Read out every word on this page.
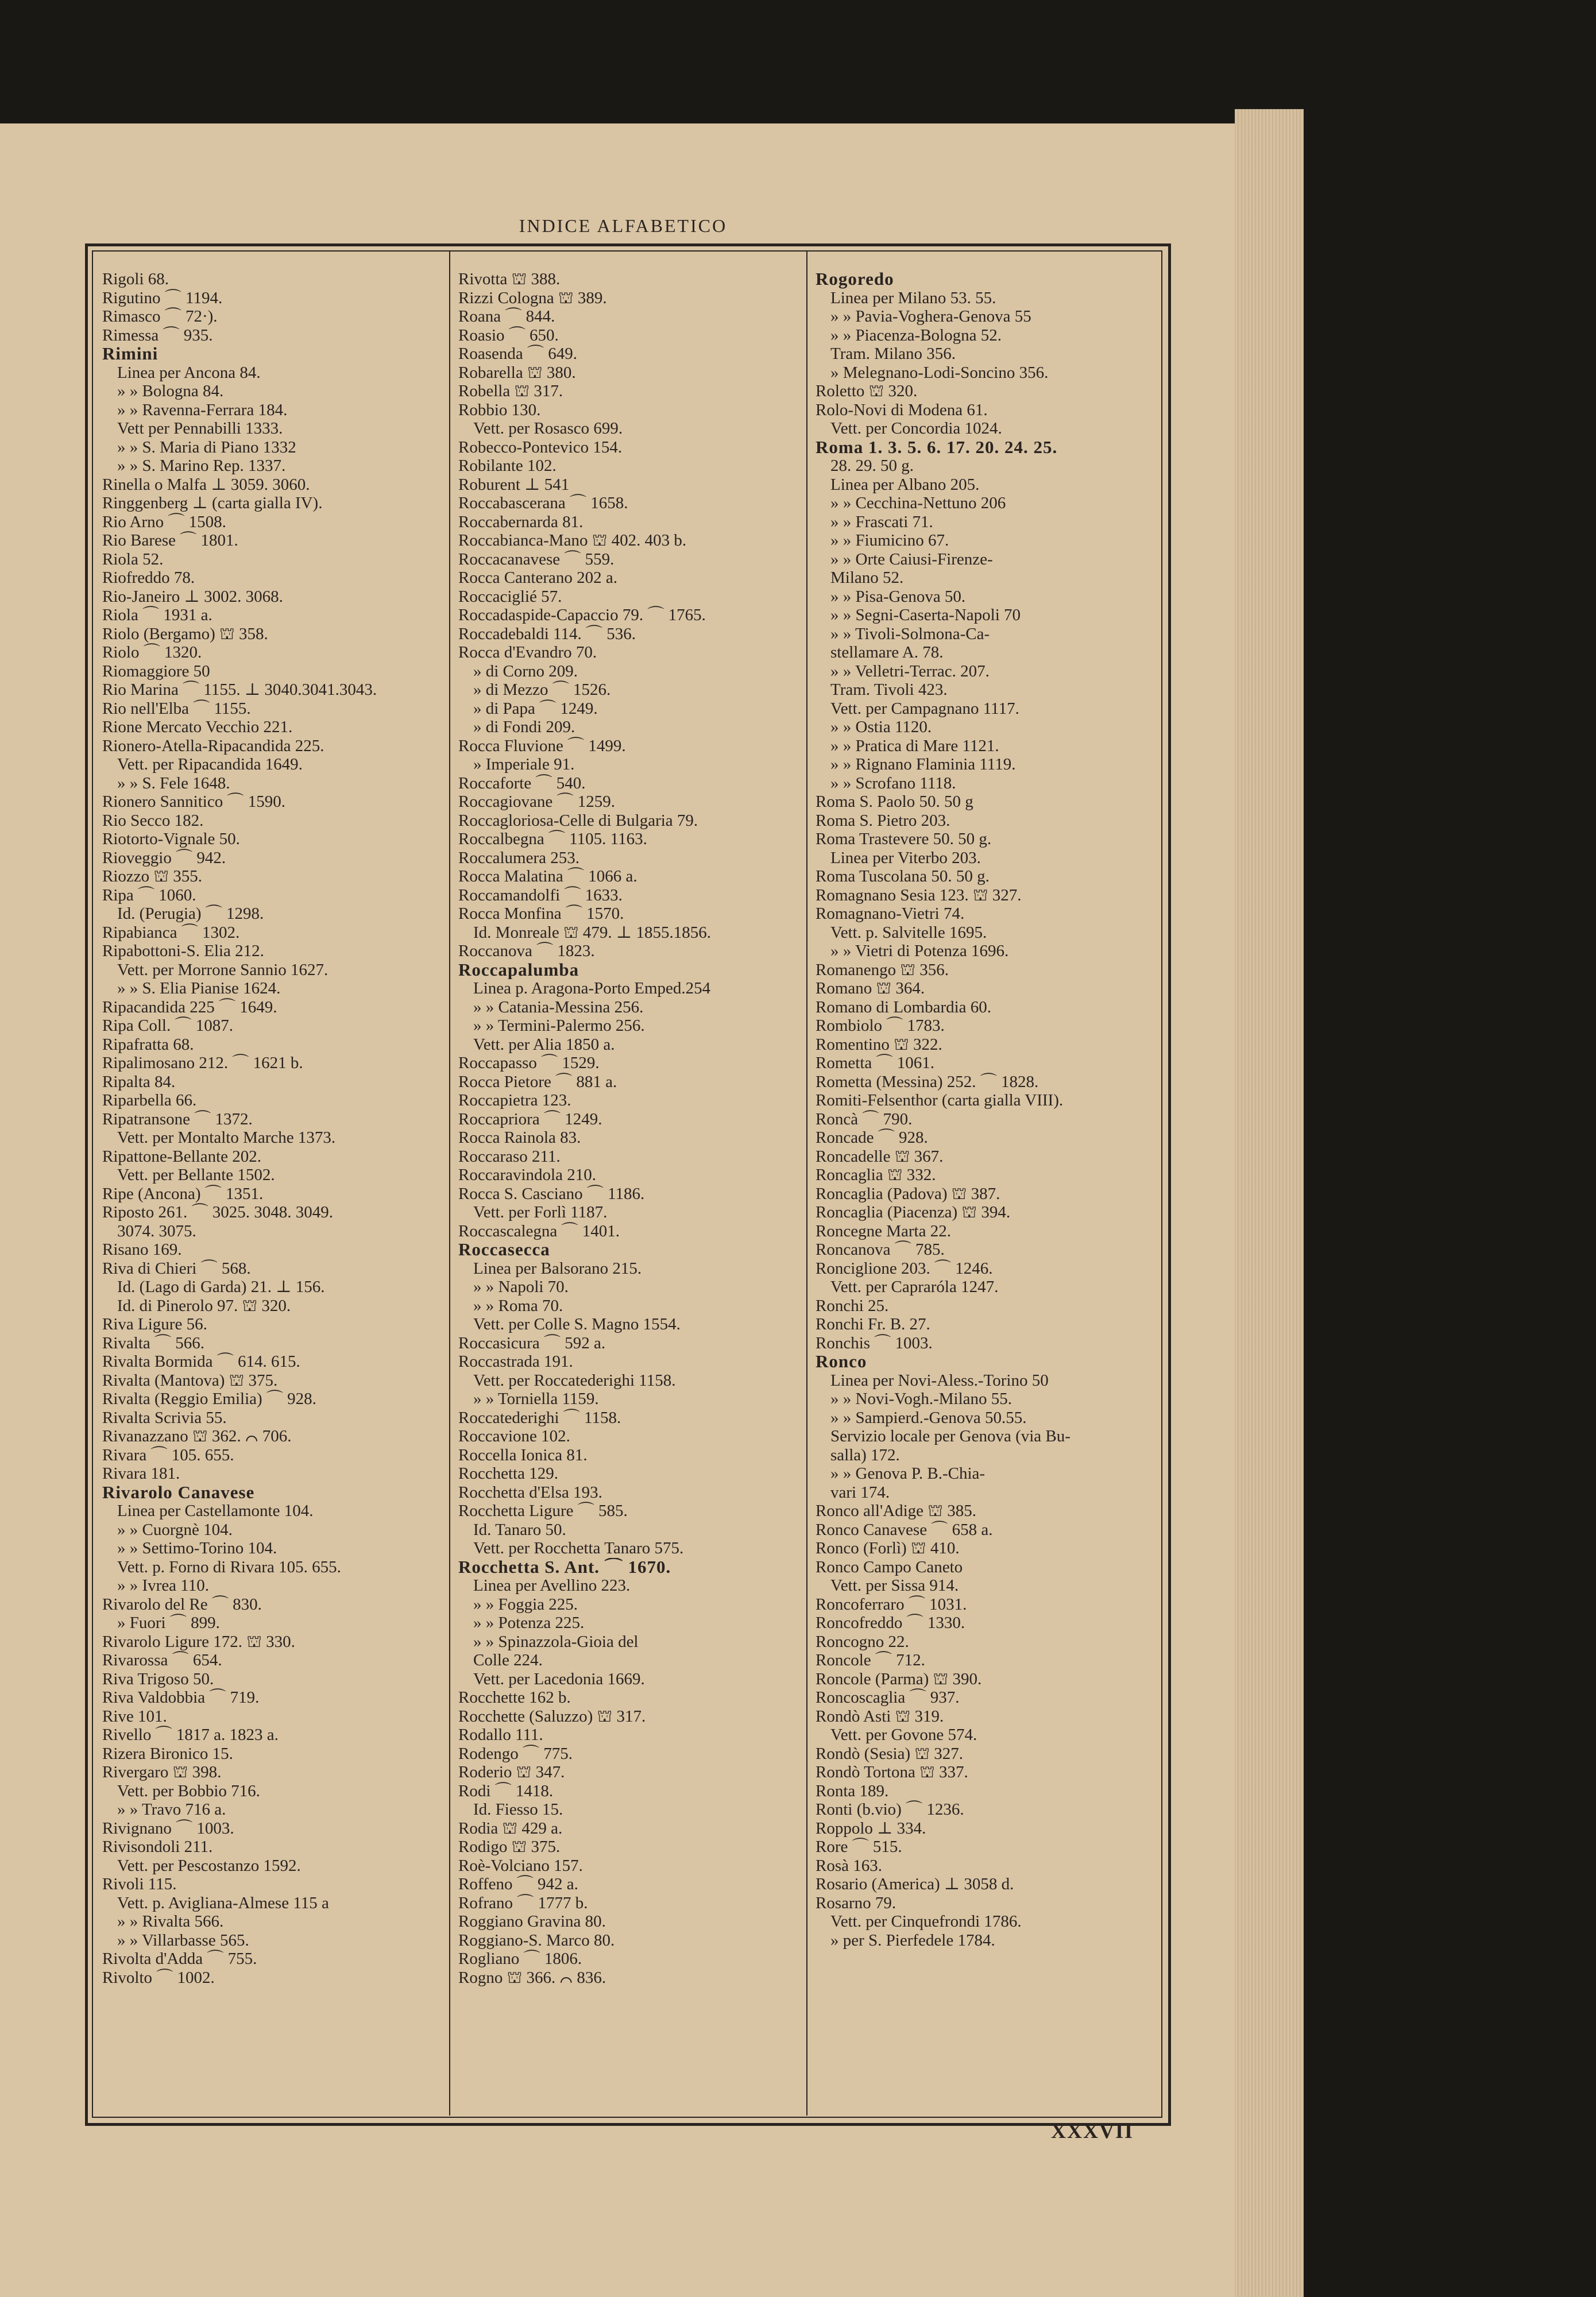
INDICE ALFABETICO
Rigoli 68.
Rigutino ⌒ 1194.
Rimasco ⌒ 72·).
Rimessa ⌒ 935.
Rimini
Linea per Ancona 84.
» » Bologna 84.
» » Ravenna-Ferrara 184.
Vett per Pennabilli 1333.
» » S. Maria di Piano 1332
» » S. Marino Rep. 1337.
Rinella o Malfa ⊥ 3059. 3060.
Ringgenberg ⊥ (carta gialla IV).
Rio Arno ⌒ 1508.
Rio Barese ⌒ 1801.
Riola 52.
Riofreddo 78.
Rio-Janeiro ⊥ 3002. 3068.
Riola ⌒ 1931 a.
Riolo (Bergamo) ⛫ 358.
Riolo ⌒ 1320.
Riomaggiore 50
Rio Marina ⌒ 1155. ⊥ 3040.3041.3043.
Rio nell'Elba ⌒ 1155.
Rione Mercato Vecchio 221.
Rionero-Atella-Ripacandida 225.
Vett. per Ripacandida 1649.
» » S. Fele 1648.
Rionero Sannitico ⌒ 1590.
Rio Secco 182.
Riotorto-Vignale 50.
Rioveggio ⌒ 942.
Riozzo ⛫ 355.
Ripa ⌒ 1060.
Id. (Perugia) ⌒ 1298.
Ripabianca ⌒ 1302.
Ripabottoni-S. Elia 212.
Vett. per Morrone Sannio 1627.
» » S. Elia Pianise 1624.
Ripacandida 225 ⌒ 1649.
Ripa Coll. ⌒ 1087.
Ripafratta 68.
Ripalimosano 212. ⌒ 1621 b.
Ripalta 84.
Riparbella 66.
Ripatransone ⌒ 1372.
Vett. per Montalto Marche 1373.
Ripattone-Bellante 202.
Vett. per Bellante 1502.
Ripe (Ancona) ⌒ 1351.
Riposto 261. ⌒ 3025. 3048. 3049.
3074. 3075.
Risano 169.
Riva di Chieri ⌒ 568.
Id. (Lago di Garda) 21. ⊥ 156.
Id. di Pinerolo 97. ⛫ 320.
Riva Ligure 56.
Rivalta ⌒ 566.
Rivalta Bormida ⌒ 614. 615.
Rivalta (Mantova) ⛫ 375.
Rivalta (Reggio Emilia) ⌒ 928.
Rivalta Scrivia 55.
Rivanazzano ⛫ 362. ⌒ 706.
Rivara ⌒ 105. 655.
Rivara 181.
Rivarolo Canavese
Linea per Castellamonte 104.
» » Cuorgnè 104.
» » Settimo-Torino 104.
Vett. p. Forno di Rivara 105. 655.
» » Ivrea 110.
Rivarolo del Re ⌒ 830.
» Fuori ⌒ 899.
Rivarolo Ligure 172. ⛫ 330.
Rivarossa ⌒ 654.
Riva Trigoso 50.
Riva Valdobbia ⌒ 719.
Rive 101.
Rivello ⌒ 1817 a. 1823 a.
Rizera Bironico 15.
Rivergaro ⛫ 398.
Vett. per Bobbio 716.
» » Travo 716 a.
Rivignano ⌒ 1003.
Rivisondoli 211.
Vett. per Pescostanzo 1592.
Rivoli 115.
Vett. p. Avigliana-Almese 115 a
» » Rivalta 566.
» » Villarbasse 565.
Rivolta d'Adda ⌒ 755.
Rivolto ⌒ 1002.
Rivotta ⛫ 388.
Rizzi Cologna ⛫ 389.
Roana ⌒ 844.
Roasio ⌒ 650.
Roasenda ⌒ 649.
Robarella ⛫ 380.
Robella ⛫ 317.
Robbio 130.
Vett. per Rosasco 699.
Robecco-Pontevico 154.
Robilante 102.
Roburent ⊥ 541
Roccabascerana ⌒ 1658.
Roccabernarda 81.
Roccabianca-Mano ⛫ 402. 403 b.
Roccacanavese ⌒ 559.
Rocca Canterano 202 a.
Roccaciglié 57.
Roccadaspide-Capaccio 79. ⌒ 1765.
Roccadebaldi 114. ⌒ 536.
Rocca d'Evandro 70.
» di Corno 209.
» di Mezzo ⌒ 1526.
» di Papa ⌒ 1249.
» di Fondi 209.
Rocca Fluvione ⌒ 1499.
» Imperiale 91.
Roccaforte ⌒ 540.
Roccagiovane ⌒ 1259.
Roccagloriosa-Celle di Bulgaria 79.
Roccalbegna ⌒ 1105. 1163.
Roccalumera 253.
Rocca Malatina ⌒ 1066 a.
Roccamandolfi ⌒ 1633.
Rocca Monfina ⌒ 1570.
Id. Monreale ⛫ 479. ⊥ 1855.1856.
Roccanova ⌒ 1823.
Roccapalumba
Linea p. Aragona-Porto Emped.254
» » Catania-Messina 256.
» » Termini-Palermo 256.
Vett. per Alia 1850 a.
Roccapasso ⌒ 1529.
Rocca Pietore ⌒ 881 a.
Roccapietra 123.
Roccapriora ⌒ 1249.
Rocca Rainola 83.
Roccaraso 211.
Roccaravindola 210.
Rocca S. Casciano ⌒ 1186.
Vett. per Forlì 1187.
Roccascalegna ⌒ 1401.
Roccasecca
Linea per Balsorano 215.
» » Napoli 70.
» » Roma 70.
Vett. per Colle S. Magno 1554.
Roccasicura ⌒ 592 a.
Roccastrada 191.
Vett. per Roccatederighi 1158.
» » Torniella 1159.
Roccatederighi ⌒ 1158.
Roccavione 102.
Roccella Ionica 81.
Rocchetta 129.
Rocchetta d'Elsa 193.
Rocchetta Ligure ⌒ 585.
Id. Tanaro 50.
Vett. per Rocchetta Tanaro 575.
Rocchetta S. Ant. ⌒ 1670.
Linea per Avellino 223.
» » Foggia 225.
» » Potenza 225.
» » Spinazzola-Gioia del
Colle 224.
Vett. per Lacedonia 1669.
Rocchette 162 b.
Rocchette (Saluzzo) ⛫ 317.
Rodallo 111.
Rodengo ⌒ 775.
Roderio ⛫ 347.
Rodi ⌒ 1418.
Id. Fiesso 15.
Rodia ⛫ 429 a.
Rodigo ⛫ 375.
Roè-Volciano 157.
Roffeno ⌒ 942 a.
Rofrano ⌒ 1777 b.
Roggiano Gravina 80.
Roggiano-S. Marco 80.
Rogliano ⌒ 1806.
Rogno ⛫ 366. ⌒ 836.
Rogoredo
Linea per Milano 53. 55.
» » Pavia-Voghera-Genova 55
» » Piacenza-Bologna 52.
Tram. Milano 356.
» Melegnano-Lodi-Soncino 356.
Roletto ⛫ 320.
Rolo-Novi di Modena 61.
Vett. per Concordia 1024.
Roma 1. 3. 5. 6. 17. 20. 24. 25.
28. 29. 50 g.
Linea per Albano 205.
» » Cecchina-Nettuno 206
» » Frascati 71.
» » Fiumicino 67.
» » Orte Caiusi-Firenze-
Milano 52.
» » Pisa-Genova 50.
» » Segni-Caserta-Napoli 70
» » Tivoli-Solmona-Ca-
stellamare A. 78.
» » Velletri-Terrac. 207.
Tram. Tivoli 423.
Vett. per Campagnano 1117.
» » Ostia 1120.
» » Pratica di Mare 1121.
» » Rignano Flaminia 1119.
» » Scrofano 1118.
Roma S. Paolo 50. 50 g
Roma S. Pietro 203.
Roma Trastevere 50. 50 g.
Linea per Viterbo 203.
Roma Tuscolana 50. 50 g.
Romagnano Sesia 123. ⛫ 327.
Romagnano-Vietri 74.
Vett. p. Salvitelle 1695.
» » Vietri di Potenza 1696.
Romanengo ⛫ 356.
Romano ⛫ 364.
Romano di Lombardia 60.
Rombiolo ⌒ 1783.
Romentino ⛫ 322.
Rometta ⌒ 1061.
Rometta (Messina) 252. ⌒ 1828.
Romiti-Felsenthor (carta gialla VIII).
Roncà ⌒ 790.
Roncade ⌒ 928.
Roncadelle ⛫ 367.
Roncaglia ⛫ 332.
Roncaglia (Padova) ⛫ 387.
Roncaglia (Piacenza) ⛫ 394.
Roncegne Marta 22.
Roncanova ⌒ 785.
Ronciglione 203. ⌒ 1246.
Vett. per Capraróla 1247.
Ronchi 25.
Ronchi Fr. B. 27.
Ronchis ⌒ 1003.
Ronco
Linea per Novi-Aless.-Torino 50
» » Novi-Vogh.-Milano 55.
» » Sampierd.-Genova 50.55.
Servizio locale per Genova (via Bu-
salla) 172.
» » Genova P. B.-Chia-
vari 174.
Ronco all'Adige ⛫ 385.
Ronco Canavese ⌒ 658 a.
Ronco (Forlì) ⛫ 410.
Ronco Campo Caneto
Vett. per Sissa 914.
Roncoferraro ⌒ 1031.
Roncofreddo ⌒ 1330.
Roncogno 22.
Roncole ⌒ 712.
Roncole (Parma) ⛫ 390.
Roncoscaglia ⌒ 937.
Rondò Asti ⛫ 319.
Vett. per Govone 574.
Rondò (Sesia) ⛫ 327.
Rondò Tortona ⛫ 337.
Ronta 189.
Ronti (b.vio) ⌒ 1236.
Roppolo ⊥ 334.
Rore ⌒ 515.
Rosà 163.
Rosario (America) ⊥ 3058 d.
Rosarno 79.
Vett. per Cinquefrondi 1786.
» per S. Pierfedele 1784.
XXXVII
